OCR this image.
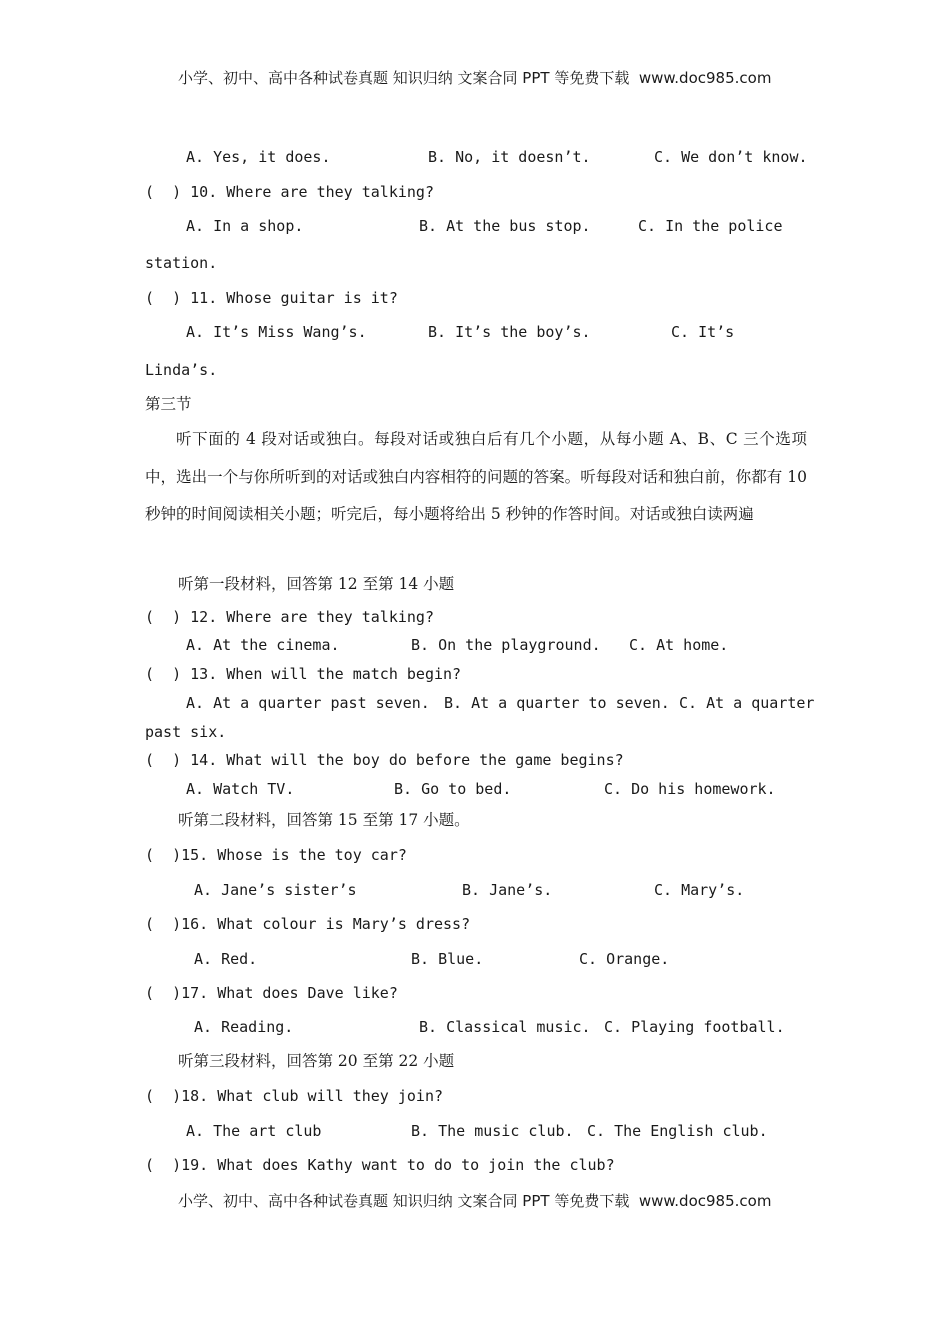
小学、初中、高中各种试卷真题 知识归纳 文案合同 PPT 等免费下载  www.doc985.com
A. Yes, it does.	B. No, it doesn’t.	C. We don’t know.
(  ) 10. Where are they talking?
A. In a shop.	B. At the bus stop.	C. In the police
station.
(  ) 11. Whose guitar is it?
A. It’s Miss Wang’s.	B. It’s the boy’s.	C. It’s
Linda’s.
第三节
听下面的 4 段对话或独白。每段对话或独白后有几个小题，从每小题 A、B、C 三个选项中，选出一个与你所听到的对话或独白内容相符的问题的答案。听每段对话和独白前，你都有 10 秒钟的时间阅读相关小题；听完后，每小题将给出 5 秒钟的作答时间。对话或独白读两遍
听第一段材料，回答第 12 至第 14 小题
(  ) 12. Where are they talking?
A. At the cinema.	B. On the playground. C. At home.
(  ) 13. When will the match begin?
A. At a quarter past seven. B. At a quarter to seven. C. At a quarter
past six.
(  ) 14. What will the boy do before the game begins?
A. Watch TV.	B. Go to bed.	C. Do his homework.
听第二段材料，回答第 15 至第 17 小题。
(  )15. Whose is the toy car?
A. Jane’s sister’s	B. Jane’s.	C. Mary’s.
(  )16. What colour is Mary’s dress?
A. Red.	B. Blue.	C. Orange.
(  )17. What does Dave like?
A. Reading.	B. Classical music. C. Playing football.
听第三段材料，回答第 20 至第 22 小题
(  )18. What club will they join?
A. The art club	B. The music club. C. The English club.
(  )19. What does Kathy want to do to join the club?
小学、初中、高中各种试卷真题 知识归纳 文案合同 PPT 等免费下载  www.doc985.com
